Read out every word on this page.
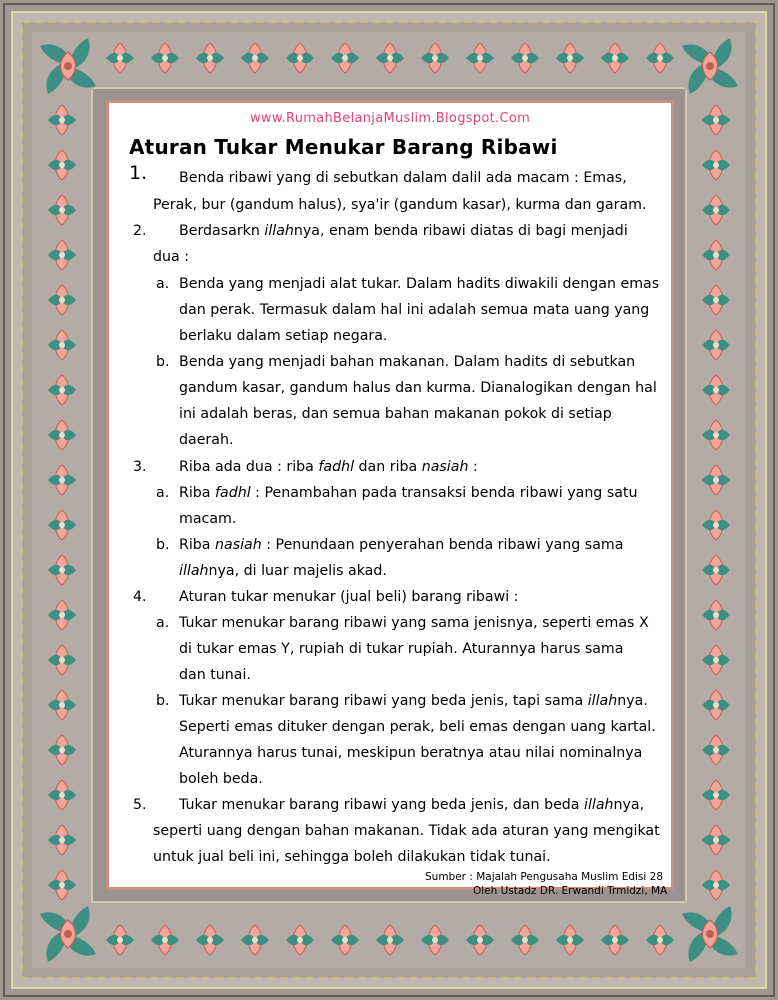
www.RumahBelanjaMuslim.Blogspot.Com
Aturan Tukar Menukar Barang Ribawi
1. Benda ribawi yang di sebutkan dalam dalil ada macam : Emas,
Perak, bur (gandum halus), sya'ir (gandum kasar), kurma dan garam.
2. Berdasarkn illahnya, enam benda ribawi diatas di bagi menjadi
dua :
a. Benda yang menjadi alat tukar. Dalam hadits diwakili dengan emas
dan perak. Termasuk dalam hal ini adalah semua mata uang yang
berlaku dalam setiap negara.
b. Benda yang menjadi bahan makanan. Dalam hadits di sebutkan
gandum kasar, gandum halus dan kurma. Dianalogikan dengan hal
ini adalah beras, dan semua bahan makanan pokok di setiap
daerah.
3. Riba ada dua : riba fadhl dan riba nasiah :
a. Riba fadhl : Penambahan pada transaksi benda ribawi yang satu
macam.
b. Riba nasiah : Penundaan penyerahan benda ribawi yang sama
illahnya, di luar majelis akad.
4. Aturan tukar menukar (jual beli) barang ribawi :
a. Tukar menukar barang ribawi yang sama jenisnya, seperti emas X
di tukar emas Y, rupiah di tukar rupiah. Aturannya harus sama
dan tunai.
b. Tukar menukar barang ribawi yang beda jenis, tapi sama illahnya.
Seperti emas dituker dengan perak, beli emas dengan uang kartal.
Aturannya harus tunai, meskipun beratnya atau nilai nominalnya
boleh beda.
5. Tukar menukar barang ribawi yang beda jenis, dan beda illahnya,
seperti uang dengan bahan makanan. Tidak ada aturan yang mengikat
untuk jual beli ini, sehingga boleh dilakukan tidak tunai.
Sumber : Majalah Pengusaha Muslim Edisi 28
Oleh Ustadz DR. Erwandi Trmidzi, MA
